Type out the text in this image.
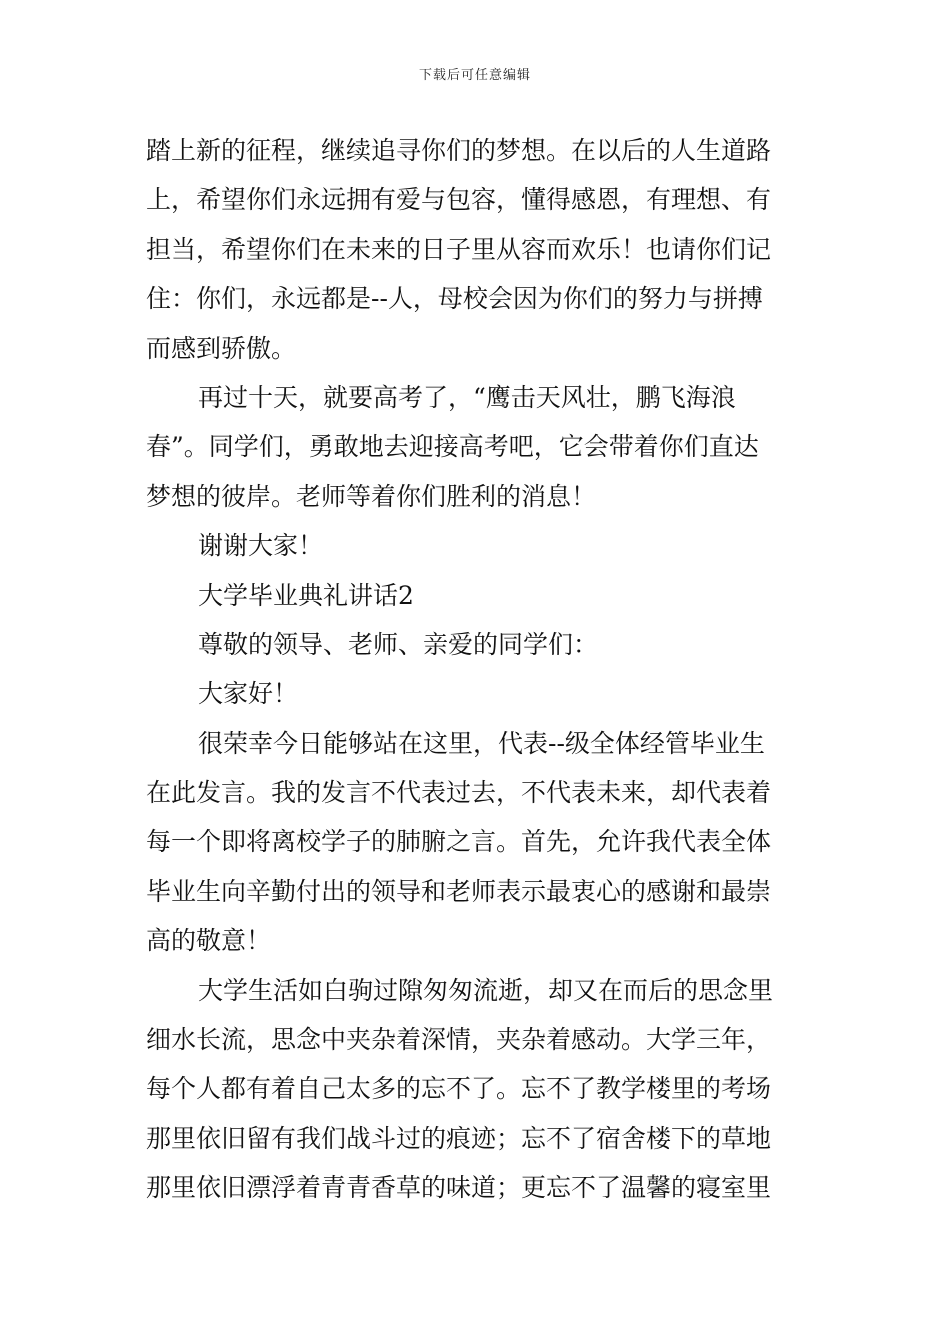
下载后可任意编辑
踏上新的征程，继续追寻你们的梦想。在以后的人生道路
上，希望你们永远拥有爱与包容，懂得感恩，有理想、有
担当，希望你们在未来的日子里从容而欢乐！也请你们记
住：你们，永远都是--人，母校会因为你们的努力与拼搏
而感到骄傲。
再过十天，就要高考了，“鹰击天风壮，鹏飞海浪
春”。同学们，勇敢地去迎接高考吧，它会带着你们直达
梦想的彼岸。老师等着你们胜利的消息！
谢谢大家！
大学毕业典礼讲话2
尊敬的领导、老师、亲爱的同学们：
大家好！
很荣幸今日能够站在这里，代表--级全体经管毕业生
在此发言。我的发言不代表过去，不代表未来，却代表着
每一个即将离校学子的肺腑之言。首先，允许我代表全体
毕业生向辛勤付出的领导和老师表示最衷心的感谢和最崇
高的敬意！
大学生活如白驹过隙匆匆流逝，却又在而后的思念里
细水长流，思念中夹杂着深情，夹杂着感动。大学三年，
每个人都有着自己太多的忘不了。忘不了教学楼里的考场
那里依旧留有我们战斗过的痕迹；忘不了宿舍楼下的草地
那里依旧漂浮着青青香草的味道；更忘不了温馨的寝室里
